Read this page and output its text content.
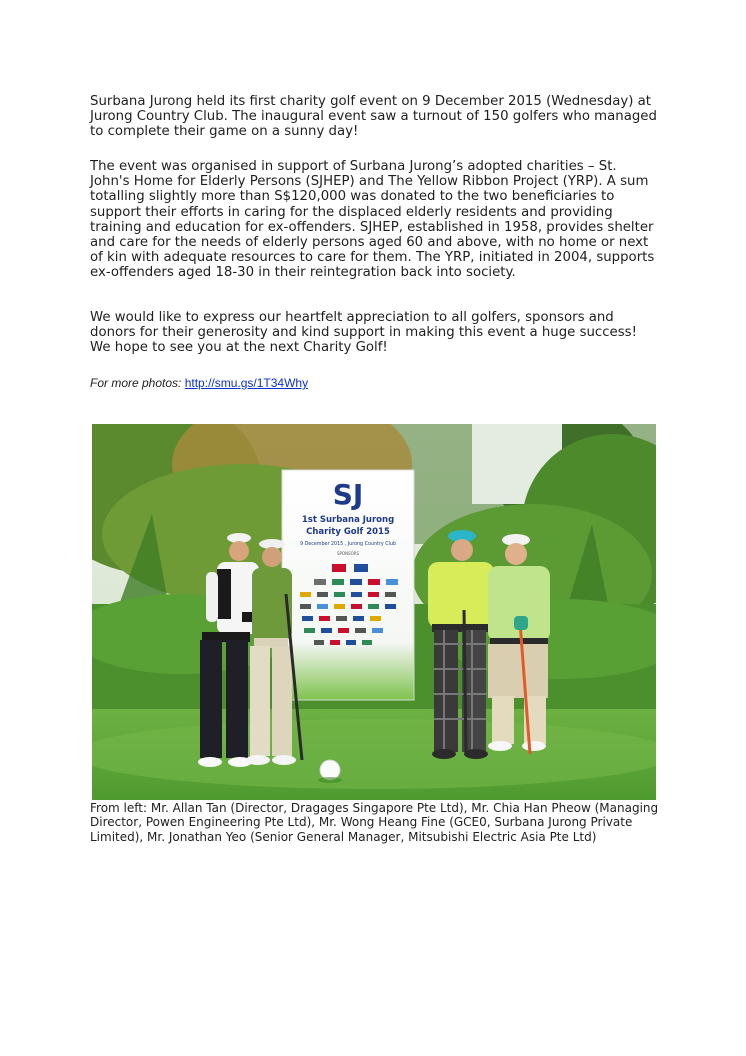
Surbana Jurong held its first charity golf event on 9 December 2015 (Wednesday) at Jurong Country Club. The inaugural event saw a turnout of 150 golfers who managed to complete their game on a sunny day!

The event was organised in support of Surbana Jurong’s adopted charities – St. John's Home for Elderly Persons (SJHEP) and The Yellow Ribbon Project (YRP). A sum totalling slightly more than S$120,000 was donated to the two beneficiaries to support their efforts in caring for the displaced elderly residents and providing training and education for ex-offenders. SJHEP, established in 1958, provides shelter and care for the needs of elderly persons aged 60 and above, with no home or next of kin with adequate resources to care for them. The YRP, initiated in 2004, supports ex-offenders aged 18-30 in their reintegration back into society.

We would like to express our heartfelt appreciation to all golfers, sponsors and donors for their generosity and kind support in making this event a huge success! We hope to see you at the next Charity Golf!

For more photos: http://smu.gs/1T34Why
SJ
1st Surbana Jurong
Charity Golf 2015
9 December 2015 , Jurong Country Club
SPONSORS

From left: Mr. Allan Tan (Director, Dragages Singapore Pte Ltd), Mr. Chia Han Pheow (Managing Director, Powen Engineering Pte Ltd), Mr. Wong Heang Fine (GCE0, Surbana Jurong Private Limited), Mr. Jonathan Yeo (Senior General Manager, Mitsubishi Electric Asia Pte Ltd)
